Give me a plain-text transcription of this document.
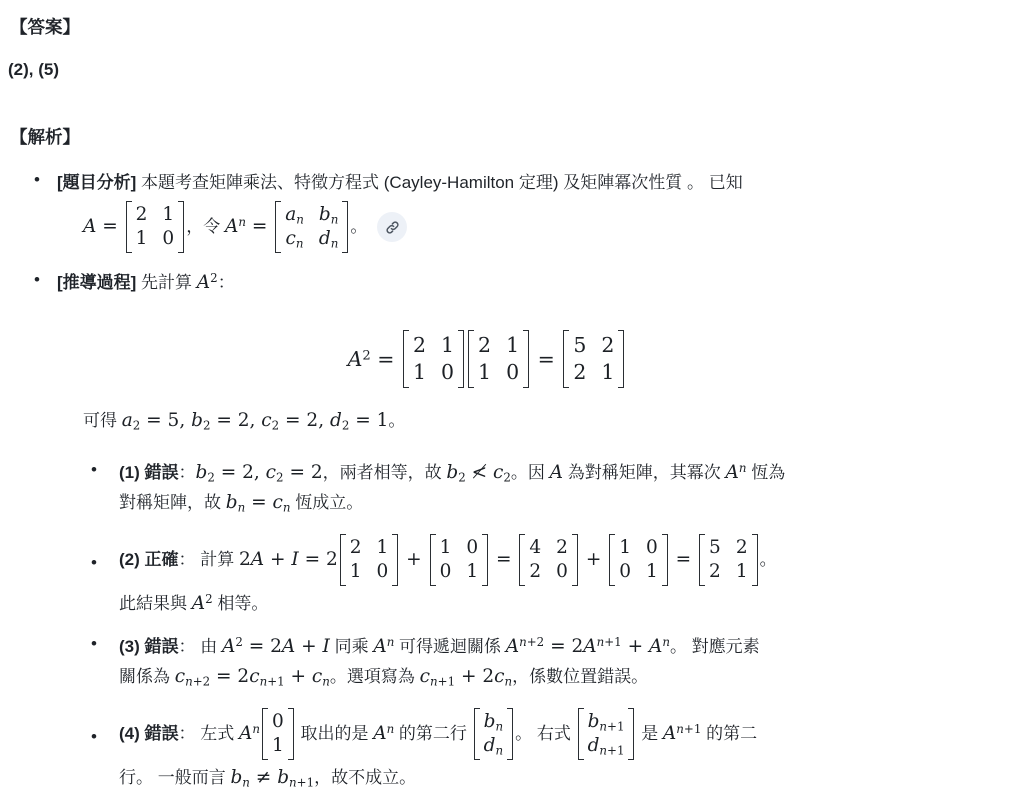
【答案】
(2), (5)
【解析】
•	[題目分析] 本題考查矩陣乘法、特徵方程式 (Cayley-Hamilton 定理) 及矩陣冪次性質 。 已知
A =
2 1
1 0
，令 $A^n$ =
$a_n$ $b_n$
$c_n$ $d_n$
。
•	[推導過程] 先計算 $A^2$ ：
$A^2$ =
2 1
1 0
2 1
1 0
=
5 2
2 1
可得 $a_2 = 5$, $b_2 = 2$, $c_2 = 2$, $d_2 = 1$ 。
•	(1) 錯誤 ： $b_2 = 2$, $c_2 = 2$ ，兩者相等，故 $b_2$ ≮ $c_2$ 。因 A 為對稱矩陣，其冪次 $A^n$ 恆為
對稱矩陣，故 $b_n = c_n$ 恆成立。
•	(2) 正確 ： 計算 2A + I = 2
2 1
1 0
+
1 0
0 1
=
4 2
2 0
+
1 0
0 1
=
5 2
2 1
。
此結果與 $A^2$ 相等。
•	(3) 錯誤 ： 由 $A^2 = 2A + I$ 同乘 $A^n$ 可得遞迴關係 $A^{n+2} = 2A^{n+1} + A^n$ 。 對應元素
關係為 $c_{n+2} = 2c_{n+1} + c_n$ 。選項寫為 $c_{n+1} + 2c_n$ ，係數位置錯誤。
•	(4) 錯誤 ： 左式 $A^n$ 0
1
取出的是 $A^n$ 的第二行
$b_n$
$d_n$
。 右式
$b_{n+1}$
$d_{n+1}$
是 $A^{n+1}$ 的第二
行。 一般而言 $b_n \ne b_{n+1}$ ，故不成立。
